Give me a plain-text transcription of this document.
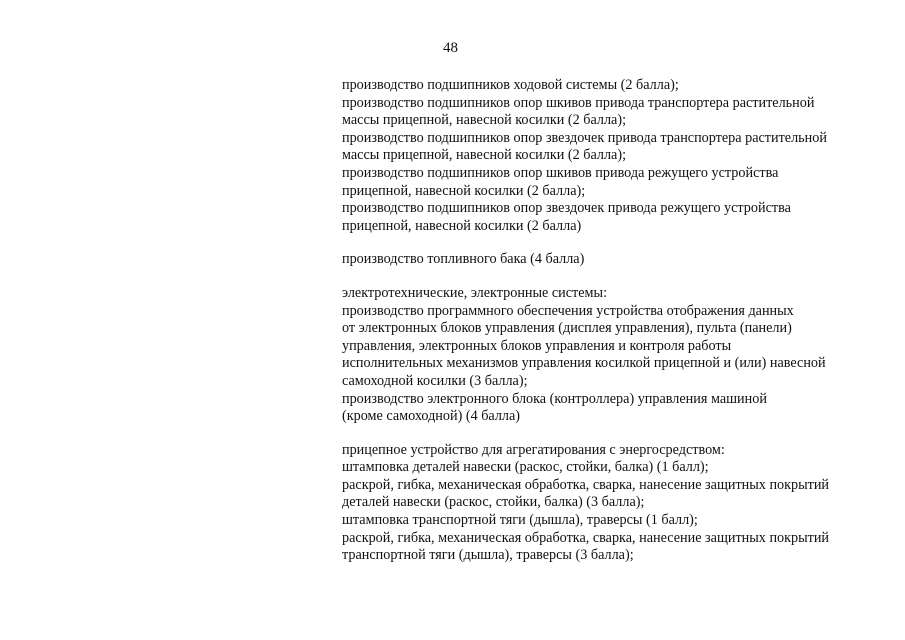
48
производство подшипников ходовой системы (2 балла);
производство подшипников опор шкивов привода транспортера растительной
массы прицепной, навесной косилки (2 балла);
производство подшипников опор звездочек привода транспортера растительной
массы прицепной, навесной косилки (2 балла);
производство подшипников опор шкивов привода режущего устройства
прицепной, навесной косилки (2 балла);
производство подшипников опор звездочек привода режущего устройства
прицепной, навесной косилки (2 балла)
производство топливного бака (4 балла)
электротехнические, электронные системы:
производство программного обеспечения устройства отображения данных
от электронных блоков управления (дисплея управления), пульта (панели)
управления, электронных блоков управления и контроля работы
исполнительных механизмов управления косилкой прицепной и (или) навесной
самоходной косилки (3 балла);
производство электронного блока (контроллера) управления машиной
(кроме самоходной) (4 балла)
прицепное устройство для агрегатирования с энергосредством:
штамповка деталей навески (раскос, стойки, балка) (1 балл);
раскрой, гибка, механическая обработка, сварка, нанесение защитных покрытий
деталей навески (раскос, стойки, балка) (3 балла);
штамповка транспортной тяги (дышла), траверсы (1 балл);
раскрой, гибка, механическая обработка, сварка, нанесение защитных покрытий
транспортной тяги (дышла), траверсы (3 балла);
